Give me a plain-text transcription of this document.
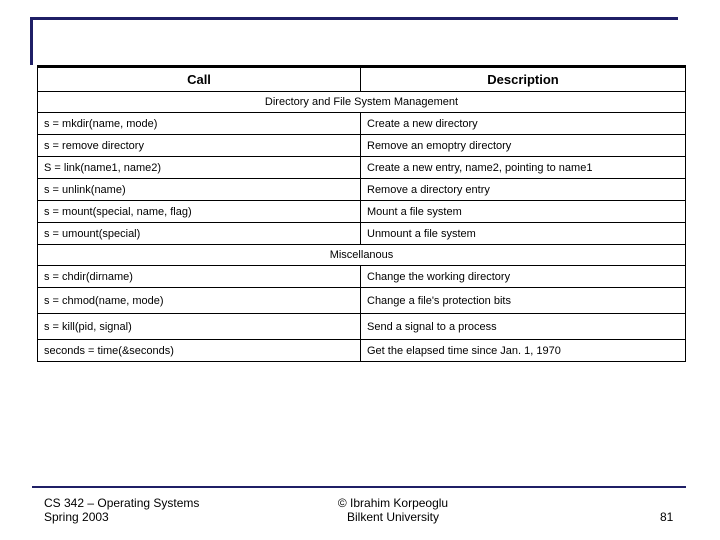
Call	Description
Directory and File System Management	
s = mkdir(name, mode)	Create a new directory
s = remove directory	Remove an emoptry directory
S = link(name1, name2)	Create a new entry, name2, pointing to name1
s = unlink(name)	Remove a directory entry
s = mount(special, name, flag)	Mount a file system
s = umount(special)	Unmount a file system
Miscellanous	
s = chdir(dirname)	Change the working directory
s = chmod(name, mode)	Change a file's protection bits
s = kill(pid, signal)	Send a signal to a process
seconds = time(&seconds)	Get the elapsed time since Jan. 1, 1970
CS 342 – Operating Systems
Spring 2003
© Ibrahim Korpeoglu
Bilkent University	81
